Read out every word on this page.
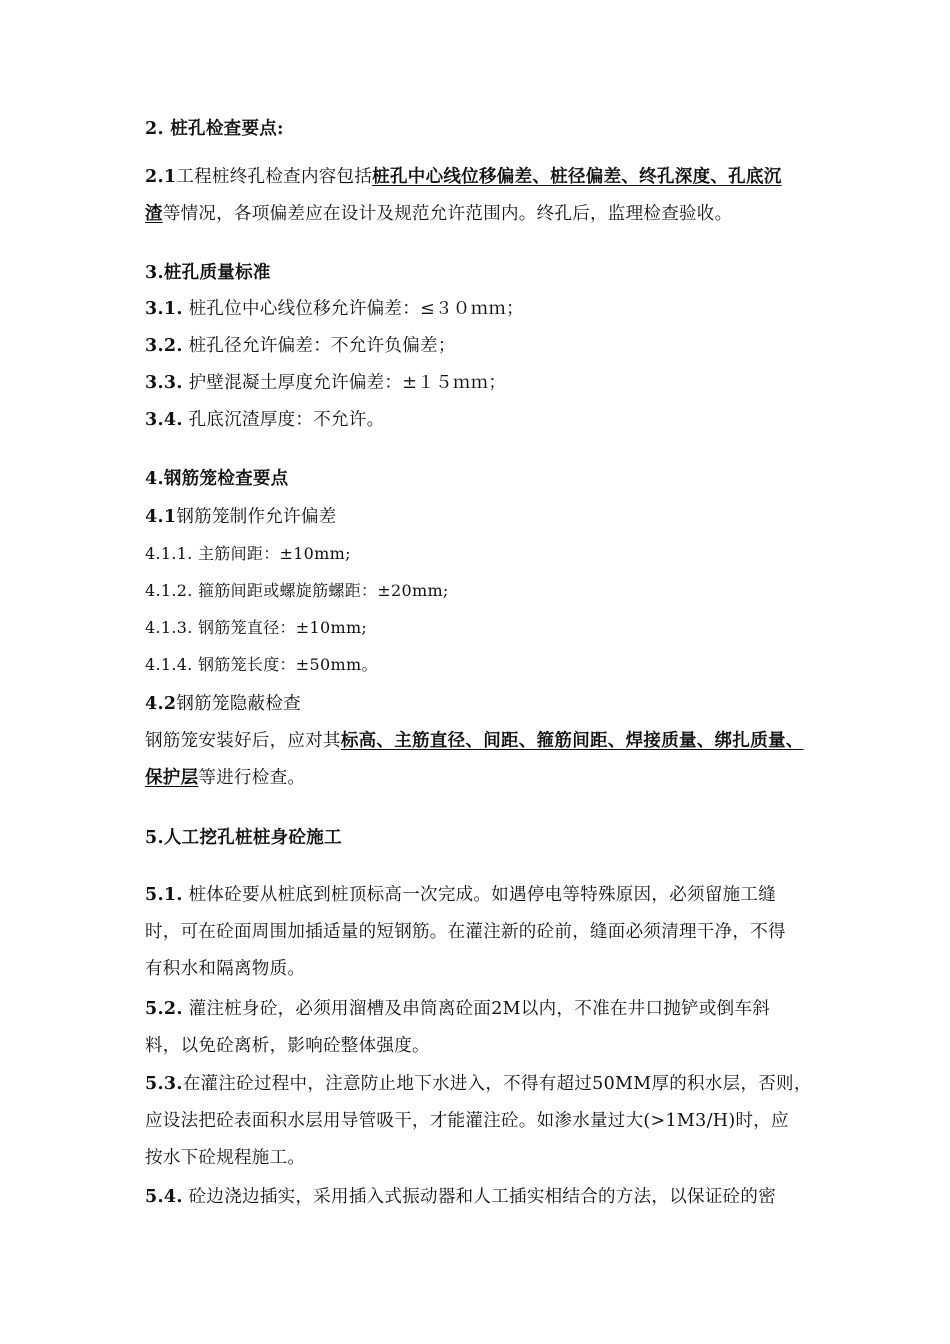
2. 桩孔检查要点:
2.1工程桩终孔检查内容包括桩孔中心线位移偏差、桩径偏差、终孔深度、孔底沉
渣等情况，各项偏差应在设计及规范允许范围内。终孔后，监理检查验收。
3.桩孔质量标准
3.1. 桩孔位中心线位移允许偏差：≤３０ｍｍ；
3.2. 桩孔径允许偏差：不允许负偏差；
3.3. 护壁混凝土厚度允许偏差：±１５ｍｍ；
3.4. 孔底沉渣厚度：不允许。
4.钢筋笼检查要点
4.1钢筋笼制作允许偏差
4.1.1. 主筋间距：±10mm;
4.1.2. 箍筋间距或螺旋筋螺距：±20mm;
4.1.3. 钢筋笼直径：±10mm;
4.1.4. 钢筋笼长度：±50mm。
4.2钢筋笼隐蔽检查
钢筋笼安装好后，应对其标高、主筋直径、间距、箍筋间距、焊接质量、绑扎质量、
保护层等进行检查。
5.人工挖孔桩桩身砼施工
5.1. 桩体砼要从桩底到桩顶标高一次完成。如遇停电等特殊原因，必须留施工缝
时，可在砼面周围加插适量的短钢筋。在灌注新的砼前，缝面必须清理干净，不得
有积水和隔离物质。
5.2. 灌注桩身砼，必须用溜槽及串筒离砼面2M以内，不准在井口抛铲或倒车斜
料，以免砼离析，影响砼整体强度。
5.3.在灌注砼过程中，注意防止地下水进入，不得有超过50MM厚的积水层，否则，
应设法把砼表面积水层用导管吸干，才能灌注砼。如渗水量过大(>1M3/H)时，应
按水下砼规程施工。
5.4. 砼边浇边插实，采用插入式振动器和人工插实相结合的方法，以保证砼的密
